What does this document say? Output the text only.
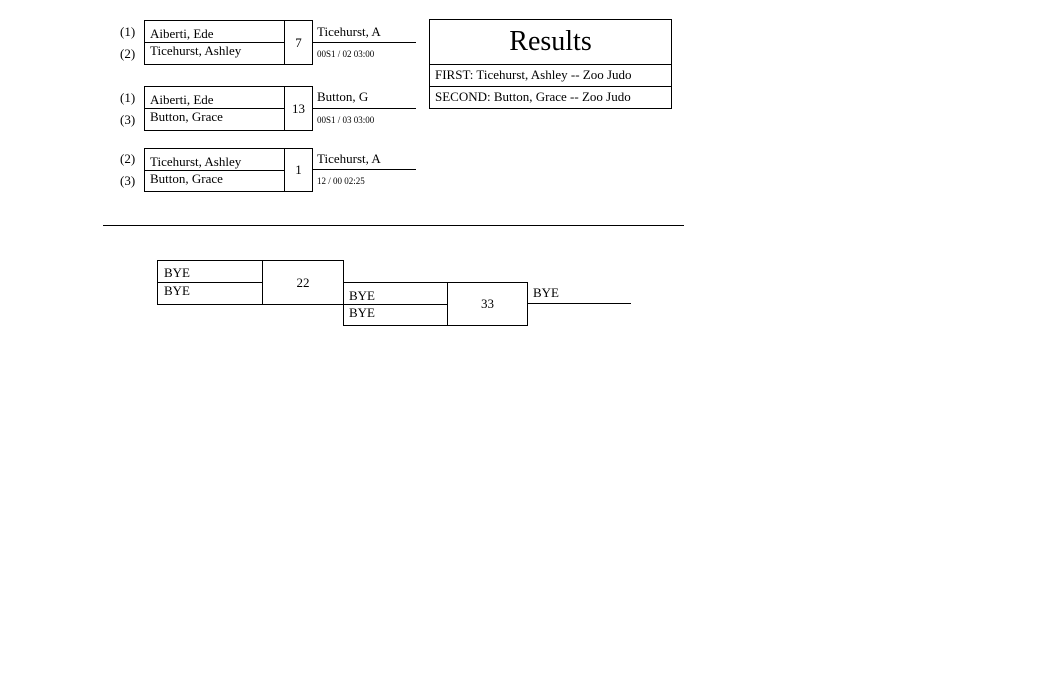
(1)
(2)
Aiberti, Ede
Ticehurst, Ashley
7
Ticehurst, A
00S1 / 02 03:00
(1)
(3)
Aiberti, Ede
Button, Grace
13
Button, G
00S1 / 03 03:00
(2)
(3)
Ticehurst, Ashley
Button, Grace
1
Ticehurst, A
12 / 00 02:25
Results
FIRST: Ticehurst, Ashley -- Zoo Judo
SECOND: Button, Grace -- Zoo Judo
BYE
BYE
22
BYE
BYE
33
BYE
